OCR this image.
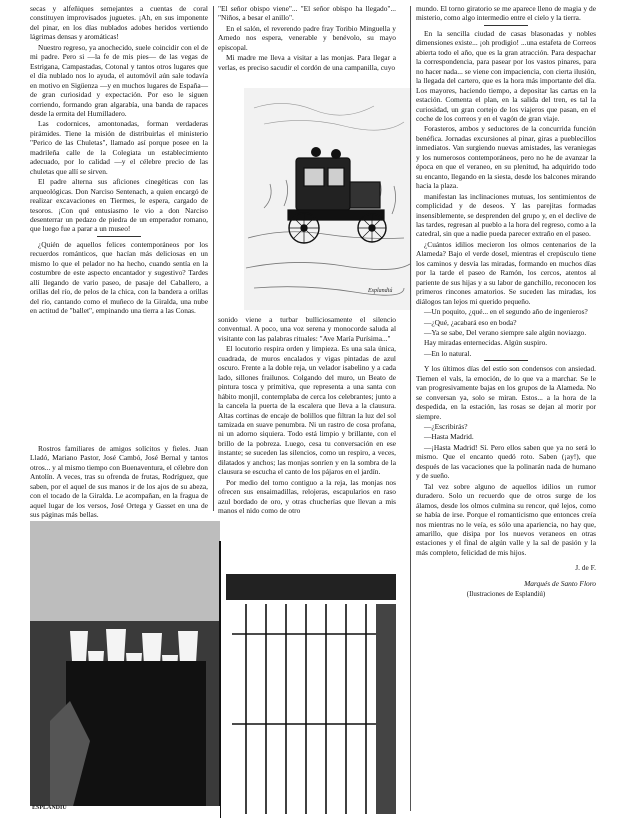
secas y alfeñiques semejantes a cuentas de coral constituyen improvisados juguetes. ¡Ah, en sus imponente del pinar, en los días nublados adobes heridos vertiendo lágrimas densas y aromáticas!

Nuestro regreso, ya anochecido, suele coincidir con el de mi padre. Pero si —la fe de mis pies— de las vegas de Estrigana, Campastadas, Cotonal y tantos otros lugares que el día nublado nos lo ayuda, el automóvil aún sale todavía en motivo en Sigüenza —y en muchos lugares de España— de gran curiosidad y expectación. Por eso le siguen corriendo, formando gran algarabía, una banda de rapaces desde la ermita del Humilladero.

Las codornices, amontonadas, forman verdaderas pirámides. Tiene la misión de distribuirlas el ministerio "Perico de las Chuletas", llamado así porque posee en la madrileña calle de la Colegiata un establecimiento adecuado, por lo calidad —y el célebre precio de las chuletas que allí se sirven.

El padre alterna sus aficiones cinegéticas con las arqueológicas. Don Narciso Sentenach, a quien encargó de realizar excavaciones en Tiermes, le espera, cargado de tesoros. ¡Con qué entusiasmo le vio a don Narciso desenterrar un pedazo de piedra de un emperador romano, que luego fue a parar a un museo!

¿Quién de aquellos felices contemporáneos por los recuerdos románticos, que hacían más deliciosas en un mismo lo que el pelador no ha hecho, cuando sentía en la costumbre de este aspecto encantador y sugestivo? Tardes allí llegando de vario paseo, de pasaje del Caballero, a orillas del río, de pelos de la chica, con la bandera a orillas del río, cantando como el muñeco de la Giralda, una nube en actitud de "ballet", empinando una tierra a las Conas.

Rostros familiares de amigos solícitos y fieles. Juan Lladó, Mariano Pastor, José Cambó, José Bernal y tantos otros... y al mismo tiempo con Buenaventura, el célebre don Antolín. A veces, tras su ofrenda de frutas, Rodríguez, que saben, por el aquel de sus manos ir de los ajos de su abeza, con el tocado de la Giralda. Le acompañan, en la fragua de aquel lugar de los versos, José Ortega y Gasset en una de sus páginas más bellas.

"El señor obispo viene"... "El señor obispo ha llegado"... "Niños, a besar el anillo".

En el salón, el reverendo padre fray Toribio Minguella y Arnedo nos espera, venerable y benévolo, su mayo episcopal.

Mi madre me lleva a visitar a las monjas. Para llegar a verlas, es preciso sacudir el cordón de una campanilla, cuyo

Esplandiú

sonido viene a turbar bulliciosamente el silencio conventual. A poco, una voz serena y monocorde saluda al visitante con las palabras rituales: "Ave María Purísima..."

El locutorio respira orden y limpieza. Es una sala única, cuadrada, de muros encalados y vigas pintadas de azul oscuro. Frente a la doble reja, un velador isabelino y a cada lado, sillones frailunos. Colgando del muro, un Beato de pintura tosca y primitiva, que representa a una santa con hábito monjil, contemplaba de cerca los celebrantes; junto a la cancela la puerta de la escalera que lleva a la clausura. Altas cortinas de encaje de bolillos que filtran la luz del sol tamizada en suave penumbra. Ni un rastro de cosa profana, ni un adorno siquiera. Todo está limpio y brillante, con el brillo de la pobreza. Luego, cesa tu conversación en ese instante; se suceden las silencios, como un respiro, a veces, dilatados y anchos; las monjas sonríen y en la sombra de la clausura se escucha el canto de los pájaros en el jardín.

Por medio del torno contiguo a la reja, las monjas nos ofrecen sus ensaimadillas, relojeras, escapularios en raso azul bordado de oro, y otras chucherías que llevan a mis manos el nido como de otro

ESPLANDIU

mundo. El torno giratorio se me aparece lleno de magia y de misterio, como algo intermedio entre el cielo y la tierra.

En la sencilla ciudad de casas blasonadas y nobles dimensiones existe... ¡oh prodigio! ...una estafeta de Correos abierta todo el año, que es la gran atracción. Para despachar la correspondencia, para pasear por los vastos pinares, para no hacer nada... se viene con impaciencia, con cierta ilusión, la llegada del cartero, que es la hora más importante del día. Los mayores, haciendo tiempo, a depositar las cartas en la estación. Comenta el plan, en la salida del tren, es tal la curiosidad, un gran cortejo de los viajeros que pasan, en el coche de los correos y en el vagón de gran viaje.

Forasteros, ambos y seductores de la concurrida función benéfica. Jornadas excursiones al pinar, giras a pueblecillos inmediatos. Van surgiendo nuevas amistades, las veraniegas y los numerosos contemporáneos, pero no he de avanzar la época en que el veraneo, en su plenitud, ha adquirido todo su encanto, llegando en la siesta, desde los balcones mirando hacia la plaza.

manifestan las inclinaciones mutuas, los sentimientos de complicidad y de deseos. Y las parejitas formadas insensiblemente, se desprenden del grupo y, en el declive de las tardes, regresan al pueblo a la hora del regreso, como a la catedral, sin que a nadie pueda parecer extraño en el paseo.

¿Cuántos idilios mecieron los olmos centenarios de la Alameda? Bajo el verde dosel, mientras el crepúsculo tiene los caminos y desvía las miradas, formando en muchos días por la tarde el paseo de Ramón, los cercos, atentos al pariente de sus hijas y a su labor de ganchillo, reconocen los primeros rincones amatorios. Se suceden las miradas, los diálogos tan lejos mi querido pequeño.

—Un poquito, ¿qué... en el segundo año de ingenieros?

—¿Qué, ¿acabará eso en boda?

—Ya se sabe, Del verano siempre sale algún noviazgo.

Hay miradas enternecidas. Algún suspiro.

—En lo natural.

Y los últimos días del estío son condensos con ansiedad. Tiemen el vals, la emoción, de lo que va a marchar. Se le van progresivamente bajas en los grupos de la Alameda. No se conversan ya, solo se miran. Estos... a la hora de la despedida, en la estación, las rosas se dejan al morir por siempre.

—¿Escribirás?

—Hasta Madrid.

—¡Hasta Madrid! Sí. Pero ellos saben que ya no será lo mismo. Que el encanto quedó roto. Saben (¡ay!), que después de las vacaciones que la polinarán nada de humano y de sueño.

Tal vez sobre alguno de aquellos idilios un rumor duradero. Solo un recuerdo que de otros surge de los álamos, desde los olmos culmina su rencor, qué lejos, como se había de irse. Porque el romanticismo que entonces creía nos mientras no le veía, es sólo una apariencia, no hay que, amarillo, que disipa por los nuevos veraneos en otras estaciones y el final de algún valle y la sal de pasión y la más completo, felicidad de mis hijos.

J. de F.
Marqués de Santo Floro
(Ilustraciones de Esplandiú)
